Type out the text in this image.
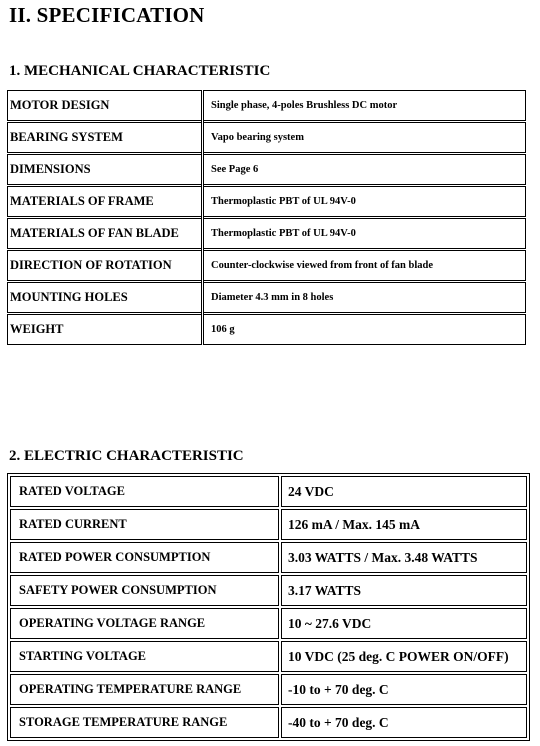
II. SPECIFICATION
1. MECHANICAL CHARACTERISTIC
MOTOR DESIGN	Single phase, 4-poles Brushless DC motor
BEARING SYSTEM	Vapo bearing system
DIMENSIONS	See Page 6
MATERIALS OF FRAME	Thermoplastic PBT of UL 94V-0
MATERIALS OF FAN BLADE	Thermoplastic PBT of UL 94V-0
DIRECTION OF ROTATION	Counter-clockwise viewed from front of fan blade
MOUNTING HOLES	Diameter 4.3 mm in 8 holes
WEIGHT	106 g
2. ELECTRIC CHARACTERISTIC
RATED VOLTAGE	24 VDC
RATED CURRENT	126 mA / Max. 145 mA
RATED POWER CONSUMPTION	3.03 WATTS / Max. 3.48 WATTS
SAFETY POWER CONSUMPTION	3.17 WATTS
OPERATING VOLTAGE RANGE	10 ~ 27.6 VDC
STARTING VOLTAGE	10 VDC (25 deg. C POWER ON/OFF)
OPERATING TEMPERATURE RANGE	-10 to + 70 deg. C
STORAGE TEMPERATURE RANGE	-40 to + 70 deg. C
